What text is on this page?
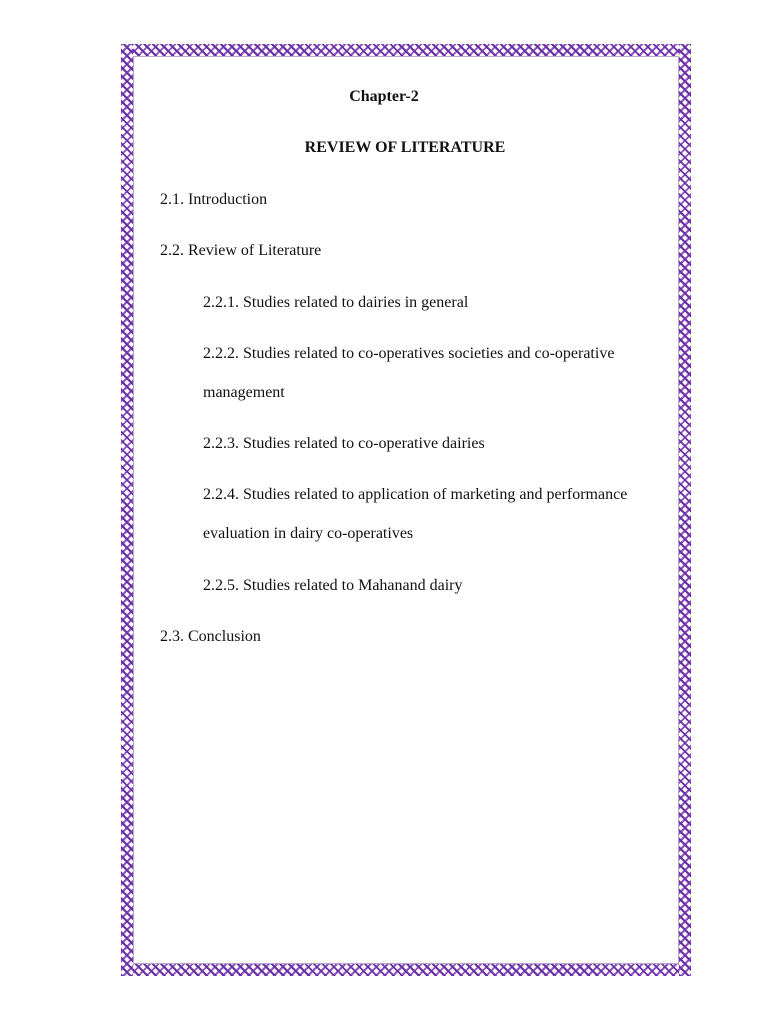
Chapter-2
REVIEW OF LITERATURE
2.1. Introduction
2.2. Review of Literature
2.2.1. Studies related to dairies in general
2.2.2. Studies related to co-operatives societies and co-operative management
2.2.3. Studies related to co-operative dairies
2.2.4. Studies related to application of marketing and performance evaluation in dairy co-operatives
2.2.5. Studies related to Mahanand dairy
2.3. Conclusion
